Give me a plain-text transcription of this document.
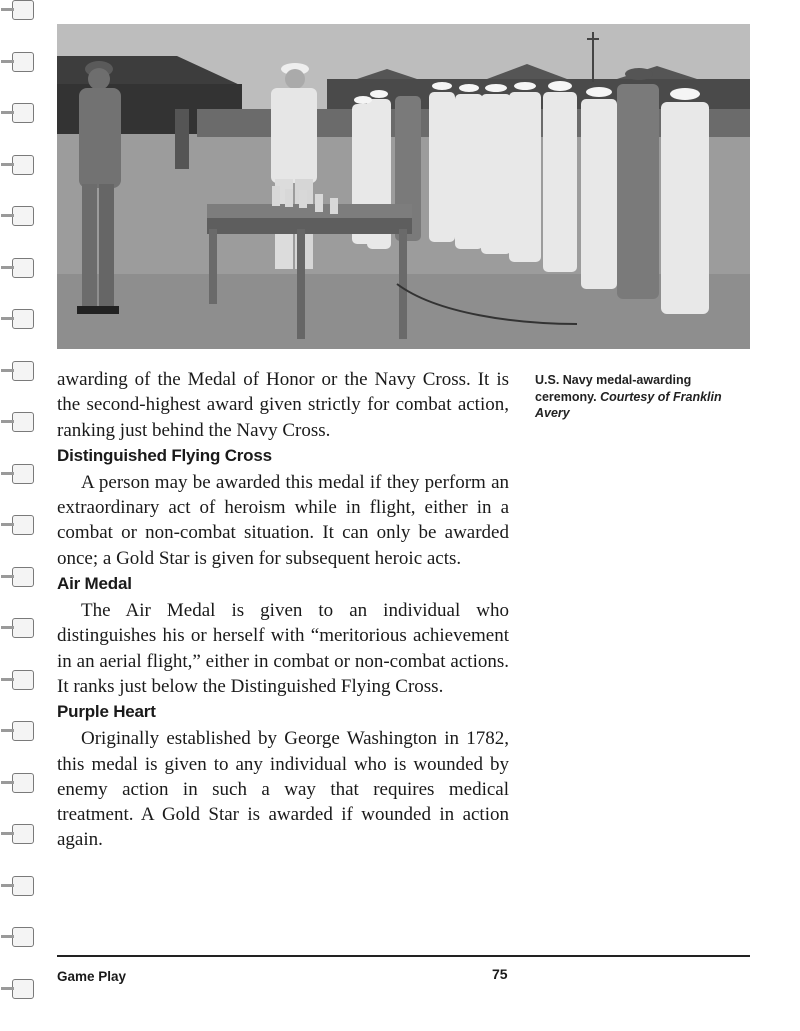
U.S. Navy medal-awarding ceremony. Courtesy of Franklin Avery

awarding of the Medal of Honor or the Navy Cross. It is the second-highest award given strictly for combat action, ranking just behind the Navy Cross.

Distinguished Flying Cross

A person may be awarded this medal if they perform an extraordinary act of heroism while in flight, either in a combat or non-combat situation. It can only be awarded once; a Gold Star is given for subsequent heroic acts.

Air Medal

The Air Medal is given to an individual who distinguishes his or herself with “meritorious achievement in an aerial flight,” either in combat or non-combat actions. It ranks just below the Distinguished Flying Cross.

Purple Heart

Originally established by George Washington in 1782, this medal is given to any individual who is wounded by enemy action in such a way that requires medical treatment. A Gold Star is awarded if wounded in action again.

Game Play	75
